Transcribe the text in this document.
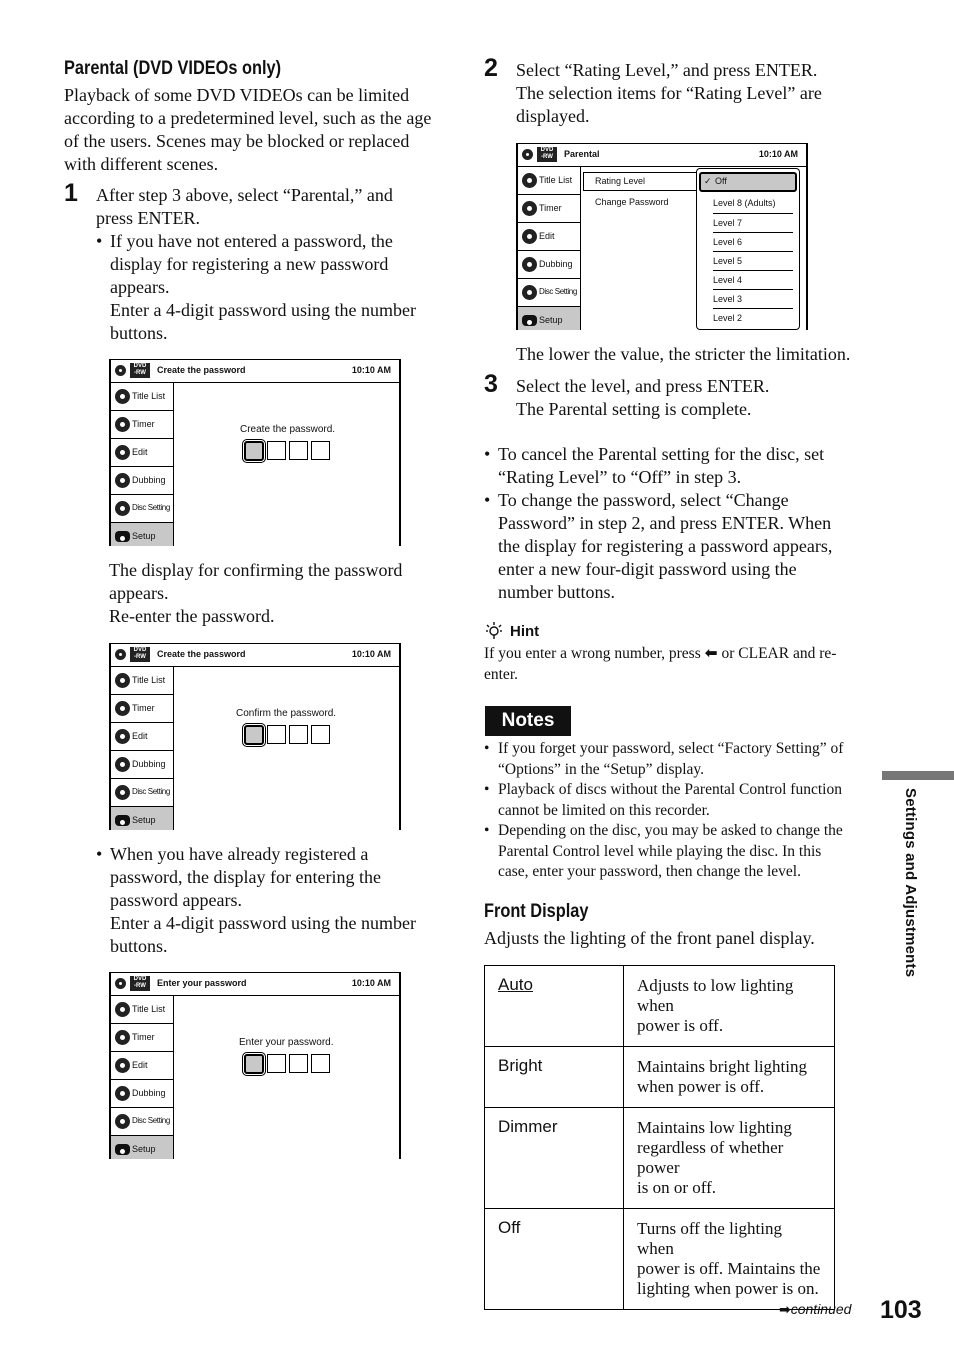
Parental (DVD VIDEOs only)

Playback of some DVD VIDEOs can be limited

according to a predetermined level, such as the age

of the users. Scenes may be blocked or replaced

with different scenes.

1 After step 3 above, select “Parental,” and

press ENTER.

• If you have not entered a password, the

display for registering a new password

appears.

Enter a 4-digit password using the number

buttons.

DVD
-RW	Create the password	10:10 AM
Title List
Timer
Edit
Dubbing
Disc Setting
Setup
Create the password.

The display for confirming the password

appears.

Re-enter the password.

DVD
-RW	Create the password	10:10 AM
Title List
Timer
Edit
Dubbing
Disc Setting
Setup
Confirm the password.

• When you have already registered a

password, the display for entering the

password appears.

Enter a 4-digit password using the number

buttons.

DVD
-RW	Enter your password	10:10 AM
Title List
Timer
Edit
Dubbing
Disc Setting
Setup
Enter your password.
2 Select “Rating Level,” and press ENTER.

The selection items for “Rating Level” are

displayed.

DVD
-RW	Parental	10:10 AM
Title List
Timer
Edit
Dubbing
Disc Setting
Setup
Rating Level
Change Password
✓ Off
Level 8 (Adults)
Level 7
Level 6
Level 5
Level 4
Level 3
Level 2
The lower the value, the stricter the limitation.
3 Select the level, and press ENTER.

The Parental setting is complete.

• To cancel the Parental setting for the disc, set

“Rating Level” to “Off” in step 3.

• To change the password, select “Change

Password” in step 2, and press ENTER. When

the display for registering a password appears,

enter a new four-digit password using the

number buttons.

Hint

If you enter a wrong number, press ⬅ or CLEAR and re-

enter.

Notes

• If you forget your password, select “Factory Setting” of

“Options” in the “Setup” display.

• Playback of discs without the Parental Control function

cannot be limited on this recorder.

• Depending on the disc, you may be asked to change the

Parental Control level while playing the disc. In this

case, enter your password, then change the level.

Front Display
Adjusts the lighting of the front panel display.
Auto	Adjusts to low lighting when

power is off.

Bright	Maintains bright lighting

when power is off.

Dimmer	Maintains low lighting

regardless of whether power

is on or off.

Off	Turns off the lighting when

power is off. Maintains the

lighting when power is on.

Settings and Adjustments
➡continued 103
